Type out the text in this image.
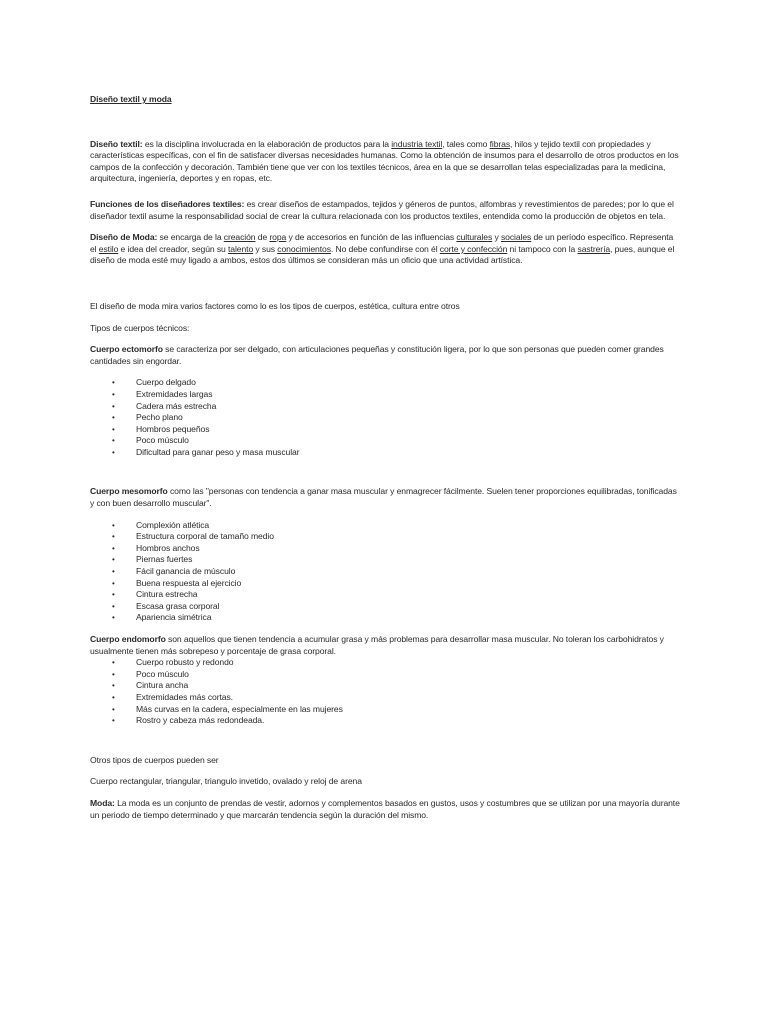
Diseño textil y moda

Diseño textil: es la disciplina involucrada en la elaboración de productos para la industria textil, tales como fibras, hilos y tejido textil con propiedades y características específicas, con el fin de satisfacer diversas necesidades humanas. Como la obtención de insumos para el desarrollo de otros productos en los campos de la confección y decoración. También tiene que ver con los textiles técnicos, área en la que se desarrollan telas especializadas para la medicina, arquitectura, ingeniería, deportes y en ropas, etc.

Funciones de los diseñadores textiles: es crear diseños de estampados, tejidos y géneros de puntos, alfombras y revestimientos de paredes; por lo que el diseñador textil asume la responsabilidad social de crear la cultura relacionada con los productos textiles, entendida como la producción de objetos en tela.

Diseño de Moda: se encarga de la creación de ropa y de accesorios en función de las influencias culturales y sociales de un período específico. Representa el estilo e idea del creador, según su talento y sus conocimientos. No debe confundirse con él corte y confección ni tampoco con la sastrería, pues, aunque el diseño de moda esté muy ligado a ambos, estos dos últimos se consideran más un oficio que una actividad artística.

El diseño de moda mira varios factores como lo es los tipos de cuerpos, estética, cultura entre otros

Tipos de cuerpos técnicos:

Cuerpo ectomorfo se caracteriza por ser delgado, con articulaciones pequeñas y constitución ligera, por lo que son personas que pueden comer grandes cantidades sin engordar.

• Cuerpo delgado
• Extremidades largas
• Cadera más estrecha
• Pecho plano
• Hombros pequeños
• Poco músculo
• Dificultad para ganar peso y masa muscular

Cuerpo mesomorfo como las "personas con tendencia a ganar masa muscular y enmagrecer fácilmente. Suelen tener proporciones equilibradas, tonificadas y con buen desarrollo muscular".

• Complexión atlética
• Estructura corporal de tamaño medio
• Hombros anchos
• Piernas fuertes
• Fácil ganancia de músculo
• Buena respuesta al ejercicio
• Cintura estrecha
• Escasa grasa corporal
• Apariencia simétrica

Cuerpo endomorfo son aquellos que tienen tendencia a acumular grasa y más problemas para desarrollar masa muscular. No toleran los carbohidratos y usualmente tienen más sobrepeso y porcentaje de grasa corporal.

• Cuerpo robusto y redondo
• Poco músculo
• Cintura ancha
• Extremidades más cortas.
• Más curvas en la cadera, especialmente en las mujeres
• Rostro y cabeza más redondeada.

Otros tipos de cuerpos pueden ser

Cuerpo rectangular, triangular, triangulo invetido, ovalado y reloj de arena

Moda: La moda es un conjunto de prendas de vestir, adornos y complementos basados en gustos, usos y costumbres que se utilizan por una mayoría durante un periodo de tiempo determinado y que marcarán tendencia según la duración del mismo.
